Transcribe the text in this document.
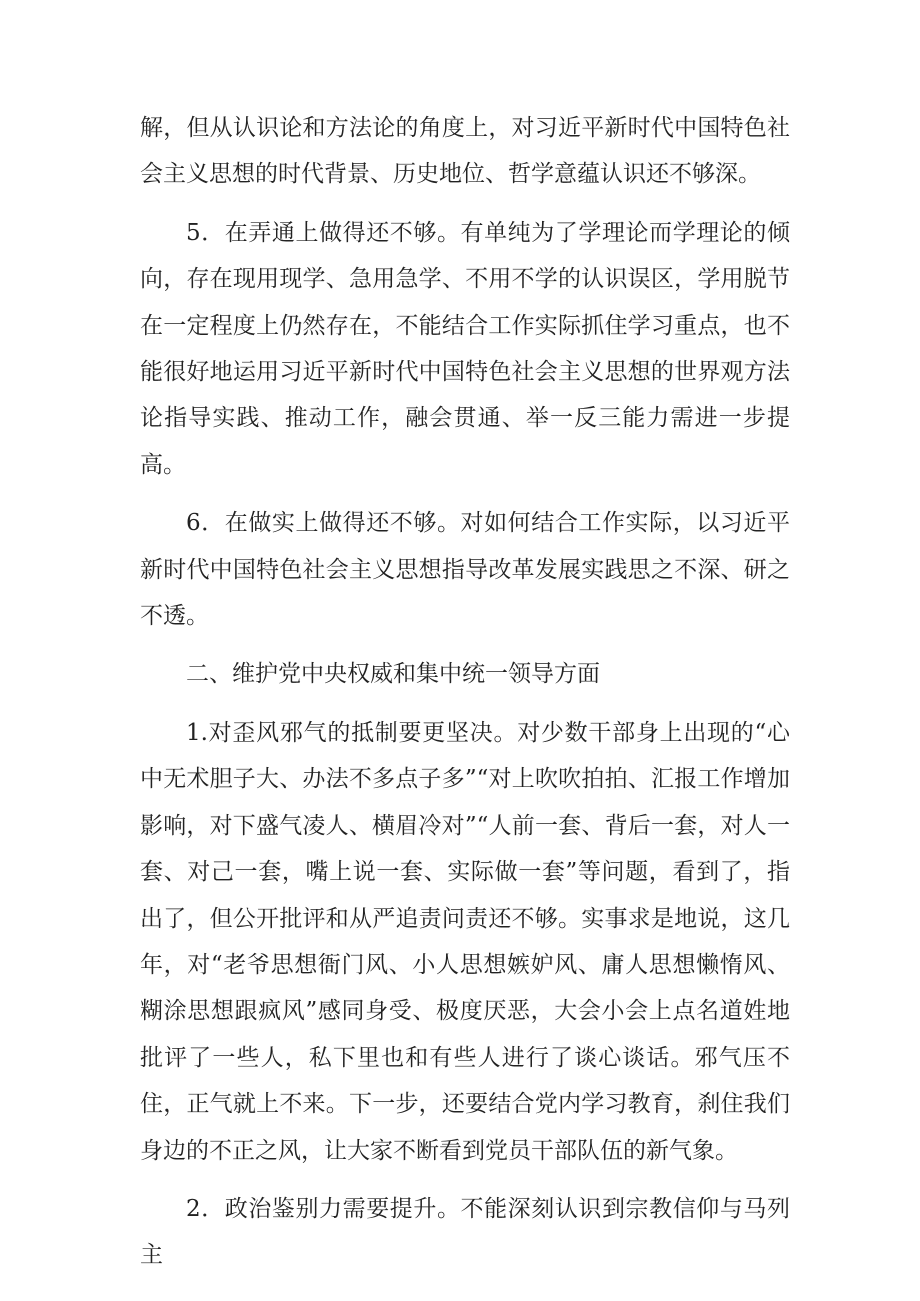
解，但从认识论和方法论的角度上，对习近平新时代中国特色社会主义思想的时代背景、历史地位、哲学意蕴认识还不够深。

5．在弄通上做得还不够。有单纯为了学理论而学理论的倾向，存在现用现学、急用急学、不用不学的认识误区，学用脱节在一定程度上仍然存在，不能结合工作实际抓住学习重点，也不能很好地运用习近平新时代中国特色社会主义思想的世界观方法论指导实践、推动工作，融会贯通、举一反三能力需进一步提高。

6．在做实上做得还不够。对如何结合工作实际，以习近平新时代中国特色社会主义思想指导改革发展实践思之不深、研之不透。

二、维护党中央权威和集中统一领导方面

1.对歪风邪气的抵制要更坚决。对少数干部身上出现的“心中无术胆子大、办法不多点子多”“对上吹吹拍拍、汇报工作增加影响，对下盛气凌人、横眉冷对”“人前一套、背后一套，对人一套、对己一套，嘴上说一套、实际做一套”等问题，看到了，指出了，但公开批评和从严追责问责还不够。实事求是地说，这几年，对“老爷思想衙门风、小人思想嫉妒风、庸人思想懒惰风、糊涂思想跟疯风”感同身受、极度厌恶，大会小会上点名道姓地批评了一些人，私下里也和有些人进行了谈心谈话。邪气压不住，正气就上不来。下一步，还要结合党内学习教育，刹住我们身边的不正之风，让大家不断看到党员干部队伍的新气象。

2．政治鉴别力需要提升。不能深刻认识到宗教信仰与马列主
